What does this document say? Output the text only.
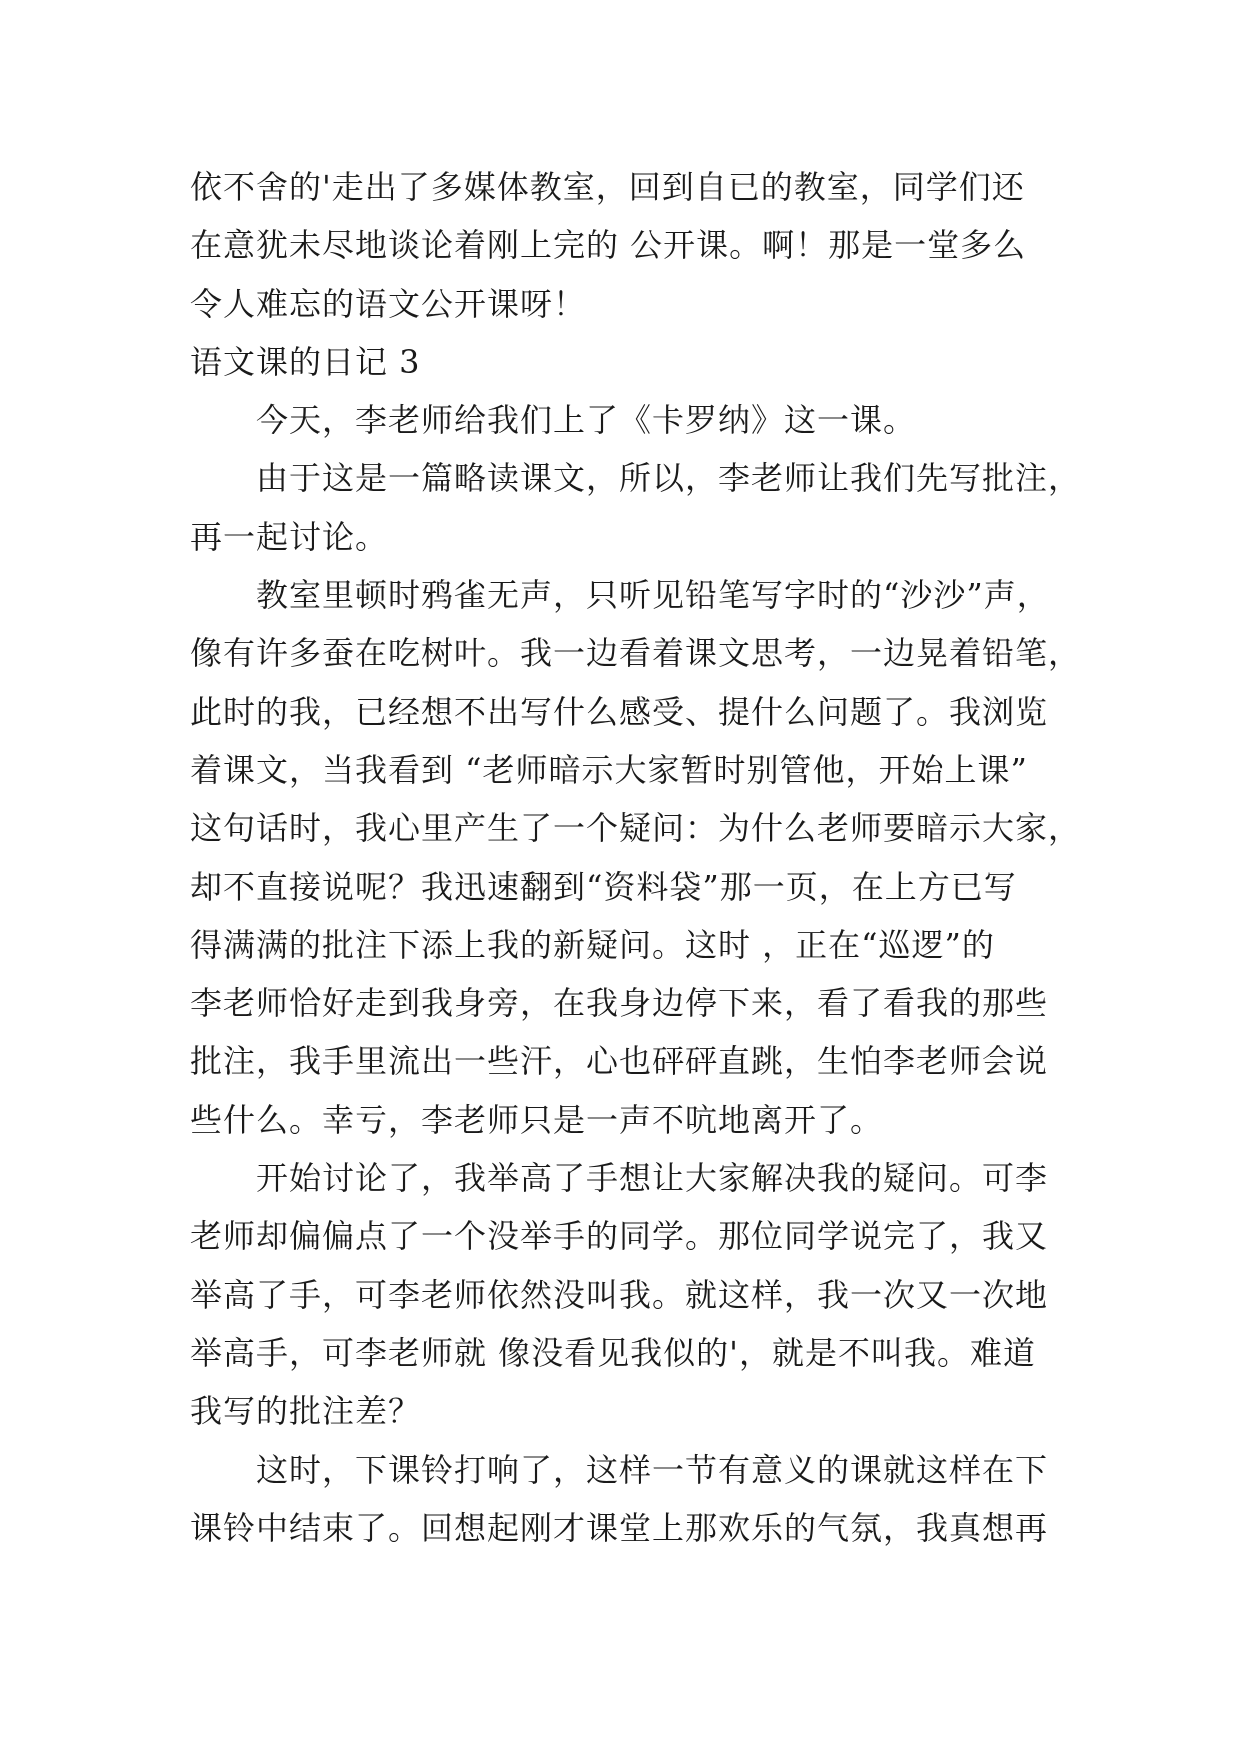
依不舍的'走出了多媒体教室，回到自已的教室，同学们还
在意犹未尽地谈论着刚上完的 公开课。啊！那是一堂多么
令人难忘的语文公开课呀！
语文课的日记 3
今天，李老师给我们上了《卡罗纳》这一课。
由于这是一篇略读课文，所以，李老师让我们先写批注，
再一起讨论。
教室里顿时鸦雀无声，只听见铅笔写字时的“沙沙”声，
像有许多蚕在吃树叶。我一边看着课文思考，一边晃着铅笔，
此时的我，已经想不出写什么感受、提什么问题了。我浏览
着课文，当我看到 “老师暗示大家暂时别管他，开始上课”
这句话时，我心里产生了一个疑问：为什么老师要暗示大家，
却不直接说呢？我迅速翻到“资料袋”那一页，在上方已写
得满满的批注下添上我的新疑问。这时 ，正在“巡逻”的
李老师恰好走到我身旁，在我身边停下来，看了看我的那些
批注，我手里流出一些汗，心也砰砰直跳，生怕李老师会说
些什么。幸亏，李老师只是一声不吭地离开了。
开始讨论了，我举高了手想让大家解决我的疑问。可李
老师却偏偏点了一个没举手的同学。那位同学说完了，我又
举高了手，可李老师依然没叫我。就这样，我一次又一次地
举高手，可李老师就 像没看见我似的'，就是不叫我。难道
我写的批注差？
这时，下课铃打响了，这样一节有意义的课就这样在下
课铃中结束了。回想起刚才课堂上那欢乐的气氛，我真想再
